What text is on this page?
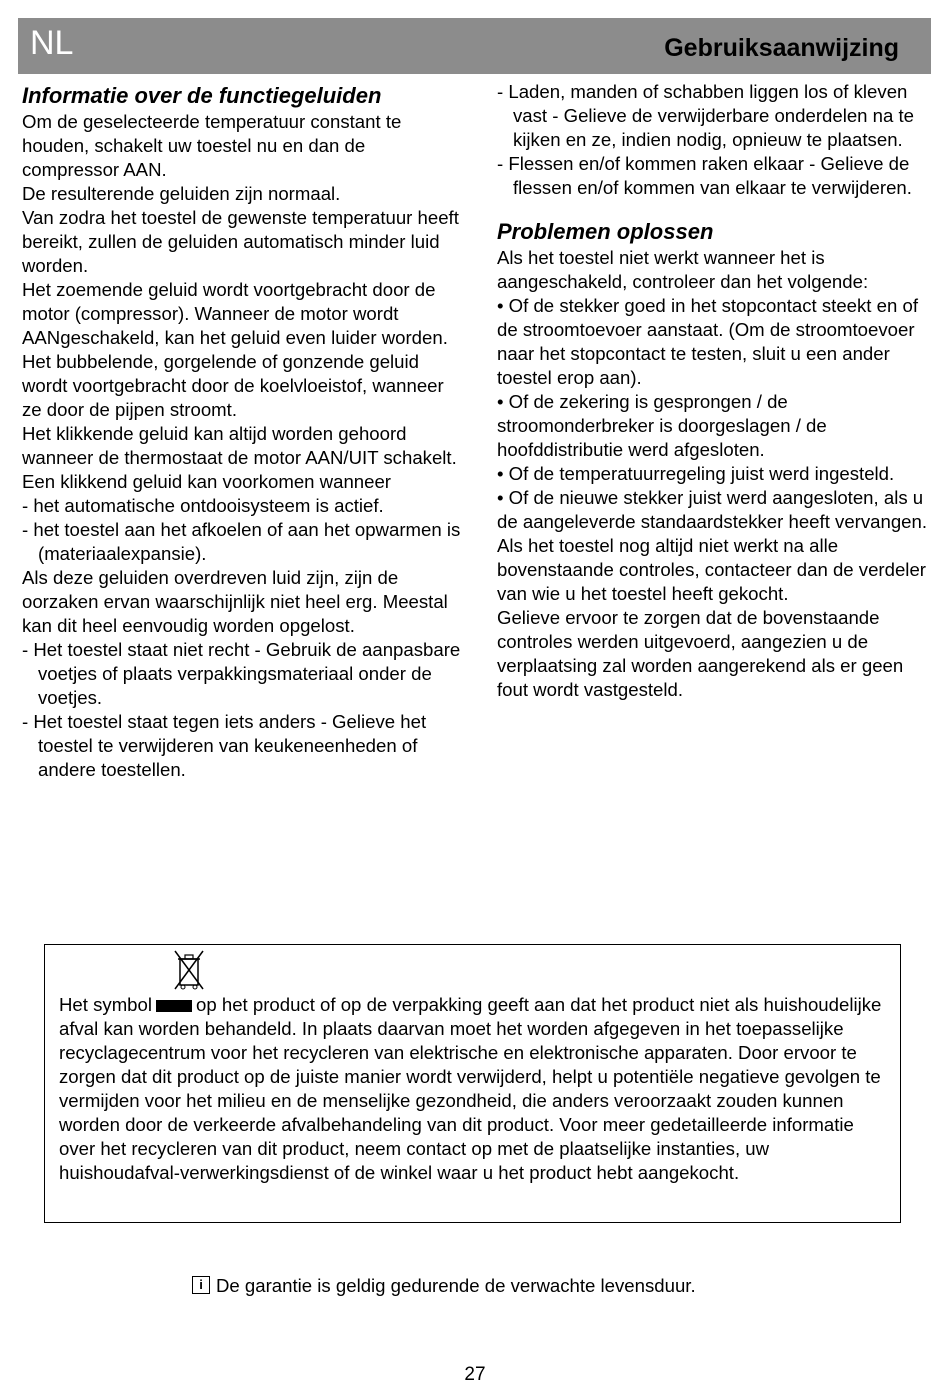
NL	Gebruiksaanwijzing
Informatie over de functiegeluiden

Om de geselecteerde temperatuur constant te houden, schakelt uw toestel nu en dan de compressor AAN.

De resulterende geluiden zijn normaal.

Van zodra het toestel de gewenste temperatuur heeft bereikt, zullen de geluiden automatisch minder luid worden.

Het zoemende geluid wordt voortgebracht door de motor (compressor). Wanneer de motor wordt AANgeschakeld, kan het geluid even luider worden.

Het bubbelende, gorgelende of gonzende geluid wordt voortgebracht door de koelvloeistof, wanneer ze door de pijpen stroomt.

Het klikkende geluid kan altijd worden gehoord wanneer de thermostaat de motor AAN/UIT schakelt.

Een klikkend geluid kan voorkomen wanneer

- het automatische ontdooisysteem is actief.

- het toestel aan het afkoelen of aan het opwarmen is (materiaalexpansie).

Als deze geluiden overdreven luid zijn, zijn de oorzaken ervan waarschijnlijk niet heel erg. Meestal kan dit heel eenvoudig worden opgelost.

- Het toestel staat niet recht - Gebruik de aanpasbare voetjes of plaats verpakkingsmateriaal onder de voetjes.

- Het toestel staat tegen iets anders - Gelieve het toestel te verwijderen van keukeneenheden of andere toestellen.

- Laden, manden of schabben liggen los of kleven vast - Gelieve de verwijderbare onderdelen na te kijken en ze, indien nodig, opnieuw te plaatsen.

- Flessen en/of kommen raken elkaar - Gelieve de flessen en/of kommen van elkaar te verwijderen.

Problemen oplossen

Als het toestel niet werkt wanneer het is aangeschakeld, controleer dan het volgende:

• Of de stekker goed in het stopcontact steekt en of de stroomtoevoer aanstaat. (Om de stroomtoevoer naar het stopcontact te testen, sluit u een ander toestel erop aan).

• Of de zekering is gesprongen / de stroomonderbreker is doorgeslagen / de hoofddistributie werd afgesloten.

• Of de temperatuurregeling juist werd ingesteld.

• Of de nieuwe stekker juist werd aangesloten, als u de aangeleverde standaardstekker heeft vervangen.

Als het toestel nog altijd niet werkt na alle bovenstaande controles, contacteer dan de verdeler van wie u het toestel heeft gekocht.

Gelieve ervoor te zorgen dat de bovenstaande controles werden uitgevoerd, aangezien u de verplaatsing zal worden aangerekend als er geen fout wordt vastgesteld.

Het symbol op het product of op de verpakking geeft aan dat het product niet als huishoudelijke afval kan worden behandeld. In plaats daarvan moet het worden afgegeven in het toepasselijke recyclagecentrum voor het recycleren van elektrische en elektronische apparaten. Door ervoor te zorgen dat dit product op de juiste manier wordt verwijderd, helpt u potentiële negatieve gevolgen te vermijden voor het milieu en de menselijke gezondheid, die anders veroorzaakt zouden kunnen worden door de verkeerde afvalbehandeling van dit product. Voor meer gedetailleerde informatie over het recycleren van dit product, neem contact op met de plaatselijke instanties, uw huishoudafval-verwerkingsdienst of de winkel waar u het product hebt aangekocht.
i De garantie is geldig gedurende de verwachte levensduur.
27
